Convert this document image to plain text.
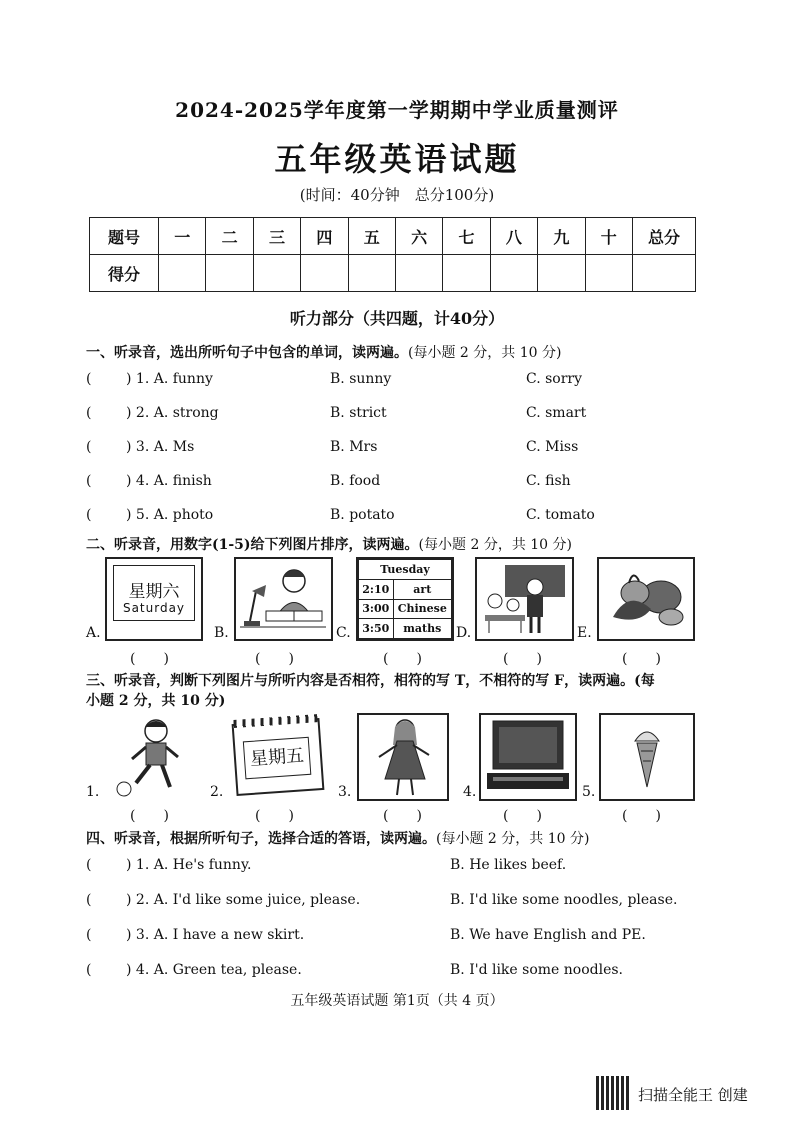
2024-2025学年度第一学期期中学业质量测评
五年级英语试题
(时间：40分钟　总分100分)
题号	一	二	三	四	五	六	七	八	九	十	总分
得分											
听力部分（共四题，计40分）
一、听录音，选出所听句子中包含的单词，读两遍。(每小题 2 分，共 10 分)
( ) 1. A. funny	B. sunny	C. sorry
( ) 2. A. strong	B. strict	C. smart
( ) 3. A. Ms	B. Mrs	C. Miss
( ) 4. A. finish	B. food	C. fish
( ) 5. A. photo	B. potato	C. tomato
二、听录音，用数字(1-5)给下列图片排序，读两遍。(每小题 2 分，共 10 分)
A.
星期六
Saturday
B.	C.
Tuesday	
2:10	art
3:00	Chinese
3:50	maths D.	E.
(　　)	(　　)	(　　)	(　　)	(　　)
三、听录音，判断下列图片与所听内容是否相符，相符的写 T，不相符的写 F，读两遍。(每
小题 2 分，共 10 分)
1.	2.
星期五
3.	4.	5.
(　　)	(　　)	(　　)	(　　)	(　　)
四、听录音，根据所听句子，选择合适的答语，读两遍。(每小题 2 分，共 10 分)
( ) 1. A. He's funny.	B. He likes beef.
( ) 2. A. I'd like some juice, please.	B. I'd like some noodles, please.
( ) 3. A. I have a new skirt.	B. We have English and PE.
( ) 4. A. Green tea, please.	B. I'd like some noodles.
五年级英语试题 第1页（共 4 页）
扫描全能王 创建
